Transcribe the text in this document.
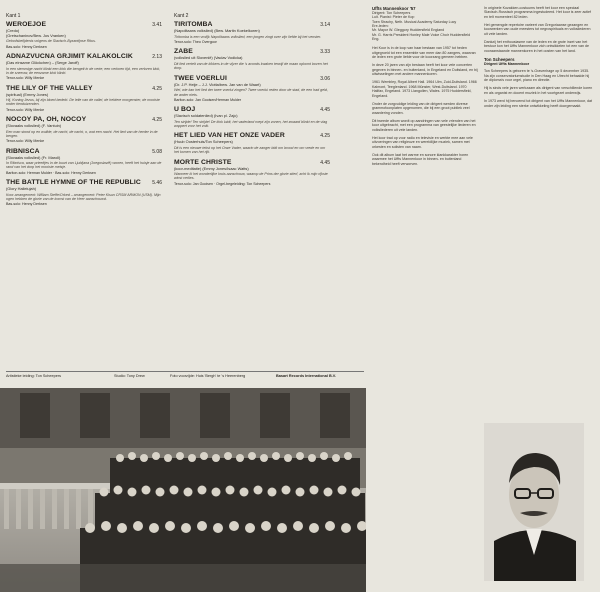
Kant 1
WEROEJOE	3.41
(Credo)
(Gretschaninov/Bew. Jos Vranken)
Geloofsbelijdenis volgens de Slavisch-Byzantijnse Ritus.
Bas-solo: Henny Derksen
ADNAZVUCNA GRJIMIT KALAKOLCIK	2.13
(Das einsame Glöckchen) – (Serge Jaroff)
In een stemmige nacht klinkt een klok die bengelt in de verte; een verloren tijd, een verloren klok, in de sneeuw, de eenzame klok klinkt.
Tenor-solo: Willy Menke
THE LILY OF THE VALLEY	4.25
(spiritual) (Emmy Jones)
Hij, Koning Jezus, bij zijn bloed bedekt. De lelie van de vallei, de heldere morgenster, de mooiste onder tienduizenden.
Tenor-solo: Willy Menke
NOCOY PA, OH, NOCOY	4.25
(Slovaaks volkslied) (F. Vantuin)
Een man stond op en wuifde, de nacht, de nacht, o, wat een nacht. Het lied van de herder in de bergen.
Tenor-solo: Willy Menke
RIBNISCA	5.08
(Slovaaks volkslied) (Fr. Maroll)
In Ribnisca, waar prieeltjes in de buurt van Ljubljana (Joegoslavië) wonen, heeft het huisje aan de rand van het dorp het mooiste meisje.
Bariton-solo: Herman Mulder · Bas-solo: Henny Derksen
THE BATTLE HYMNE OF THE REPUBLIC 5.46
(Glory Hallelujah)
Koor-arrangement: William Steffe/Orked – arrangement: Peter Kisun CRSM ARMON (USM). Mijn ogen hebben de glorie van de komst van de Heer aanschouwd.
Bas-solo: Henny Derksen
Kant 2
TIRITOMBA	3.14
(Napolitaans volkslied) (Bew. Martin Koekelkoren)
Tiritomba is een vrolijk Napolitaans volkslied, een jongen zingt over zijn liefde bij het venster.
Tenor-solo: Theo Overgoor
ZABE	3.33
(volkslied uit Slovenië) (Vaclav Vodicka)
Dit lied vertelt van de kikkers in de vijver die 's avonds kwaken terwijl de maan opkomt boven het dorp.
TWEE VOERLUI	3.06
(Dr. J.P. Heije – J.J. Viotta/bew. Jan van de Waart)
Wel, wie kan het lied der twee voerlui zingen? Twee voerlui reden door de stad, de een had geld, de ander niets.
Bariton-solo: Jan Gooisen/Herman Mulder
U BOJ	4.45
(Slavisch soldatenlied) (Ivan pl. Zajc)
Ten strijde! Ten strijde! De klok luidt, het vaderland roept zijn zonen, het zwaard blinkt en de vlag wappert voor het volk.
HET LIED VAN HET ONZE VADER	4.25
(Huub Oosterhuis/Ton Scheepers)
Dit is een nieuwe tekst op het Onze Vader, waarin de zanger bidt om brood en om vrede en om het komen van het rijk.
MORTE CHRISTE	4.45
(koor-meditatie) (Emmy Jones/Isaac Watts)
Wanneer ik het wonderlijke kruis aanschouw, waarop de Prins der glorie stierf, acht ik mijn rijkste winst verlies.
Tenor-solo: Jan Gooisen · Orgel-begeleiding: Ton Scheepers
Artistieke leiding: Ton Scheepers	Studio: Tony Drew	Foto voorzijde: Huis 'Bergh' te 's Heerenberg	Basart Records International B.V.
Uffts Mannenkoor '57
Dirigent: Ton Scheepers
Luit. Pianist: Pieter de Kop
Toen Strachy, Neth. Musical Academy Saturday Lucy
Ere-leden:
Mr. Mayor W. Gleggory Huddersfield England
Mr. G. Harris President Honley Male Voice Choir Huddersfield Eng.

Het Koor is in de loop van haar bestaan van 1957 tot heden uitgegroeid tot een ensemble van meer dan 80 zangers, waarvan de leden een grote liefde voor de koorzang gemeen hebben.

In deze 20 jaren van zijn bestaan heeft het koor vele concerten gegeven in binnen- en buitenland, in Engeland en Duitsland, en bij uitwisselingen met andere mannenkoren.

1961 Wembley, Royal Albert Hall. 1964 Ulm, Zuid-Duitsland. 1966 Kalmont, Teeglenland. 1968 Münster, West-Duitsland. 1970 Halifax, Engeland. 1973 Llangollen, Wales. 1975 Huddersfield, Engeland.

Onder de zorgvuldige leiding van de dirigent werden diverse grammofoonplaten opgenomen, die bij een groot publiek veel waardering vonden.

Dit tweede album wordt op aandringen van vele vrienden van het koor uitgebracht, met een programma van geestelijke liederen en volksliederen uit vele landen.

Het koor trad op voor radio en televisie en werkte mee aan vele uitvoeringen van religieuze en wereldlijke muziek, samen met orkesten en solisten van naam.

Ook dit album laat het warme en sonore klankkarakter horen waarmee het Uffts Mannenkoor in binnen- en buitenland bekendheid heeft verworven.

In originele Kozakken-costuums heeft het koor een speciaal Slavisch-Russisch programma ingestudeerd. Het koor is zeer actief en telt momenteel 82 leden.

Het gemengde repertoire varieert van Gregoriaanse gezangen en koorwerken van oude meesters tot negrospirituals en volksliederen uit vele landen.

Dankzij het enthousiasme van de leden en de grote inzet van het bestuur kon het Uffts Mannenkoor zich ontwikkelen tot een van de vooraanstaande mannenkoren in het oosten van het land.

Ton Scheepers
Dirigent Uffts Mannenkoor

Ton Scheepers is geboren te 's-Gravenhage op 5 december 1935. Na zijn conservatoriumstudie in Den Haag en Utrecht behaalde hij de diploma's voor orgel, piano en directie.

Hij is sinds vele jaren werkzaam als dirigent van verschillende koren en als organist en docent muziek in het voortgezet onderwijs.

In 1973 werd hij benoemd tot dirigent van het Uffts Mannenkoor, dat onder zijn leiding een sterke ontwikkeling heeft doorgemaakt.
